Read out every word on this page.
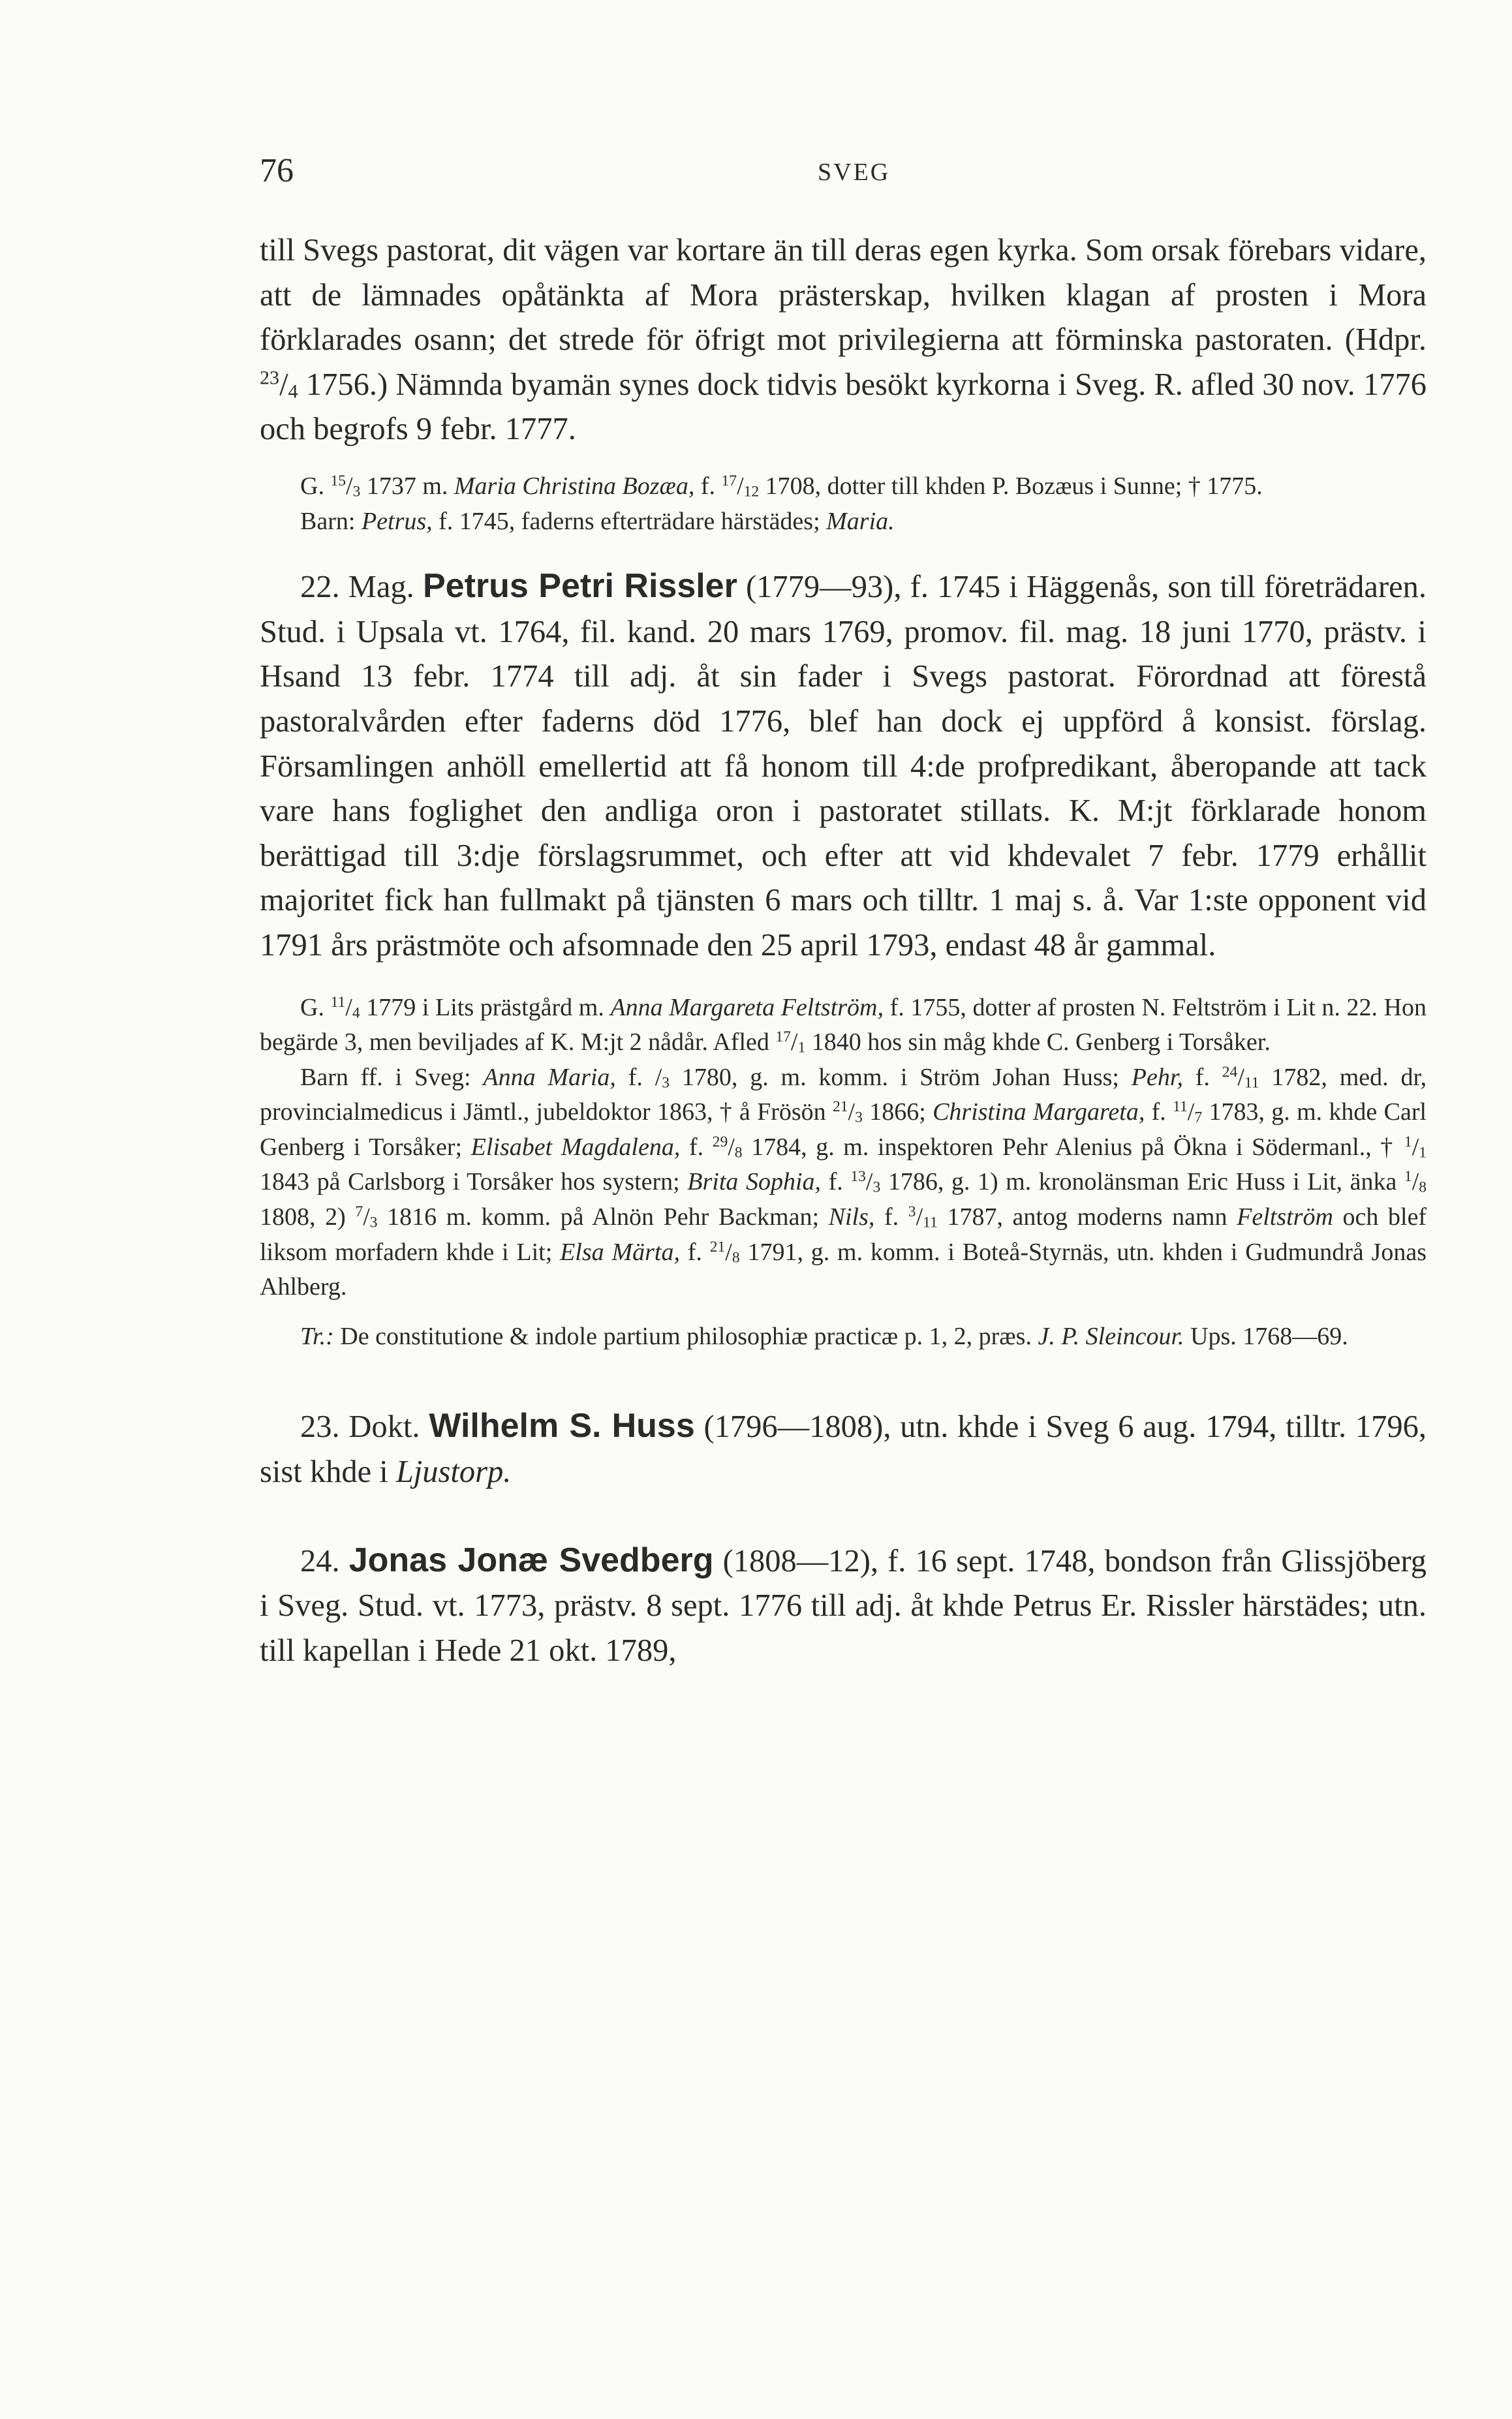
76	SVEG

till Svegs pastorat, dit vägen var kortare än till deras egen kyrka. Som orsak förebars vidare, att de lämnades opåtänkta af Mora prästerskap, hvilken klagan af prosten i Mora förklarades osann; det strede för öfrigt mot privilegierna att förminska pastoraten. (Hdpr. $^{23}$/4 1756.) Nämnda byamän synes dock tidvis besökt kyrkorna i Sveg. R. afled 30 nov. 1776 och begrofs 9 febr. 1777.

G. $^{15}$/3 1737 m. Maria Christina Bozæa, f. $^{17}$/12 1708, dotter till khden P. Bozæus i Sunne; † 1775.

Barn: Petrus, f. 1745, faderns efterträdare härstädes; Maria.

22. Mag. Petrus Petri Rissler (1779—93), f. 1745 i Häggenås, son till företrädaren. Stud. i Upsala vt. 1764, fil. kand. 20 mars 1769, promov. fil. mag. 18 juni 1770, prästv. i Hsand 13 febr. 1774 till adj. åt sin fader i Svegs pastorat. Förordnad att förestå pastoralvården efter faderns död 1776, blef han dock ej uppförd å konsist. förslag. Församlingen anhöll emellertid att få honom till 4:de profpredikant, åberopande att tack vare hans foglighet den andliga oron i pastoratet stillats. K. M:jt förklarade honom berättigad till 3:dje förslagsrummet, och efter att vid khdevalet 7 febr. 1779 erhållit majoritet fick han fullmakt på tjänsten 6 mars och tilltr. 1 maj s. å. Var 1:ste opponent vid 1791 års prästmöte och afsomnade den 25 april 1793, endast 48 år gammal.

G. $^{11}$/4 1779 i Lits prästgård m. Anna Margareta Feltström, f. 1755, dotter af prosten N. Feltström i Lit n. 22. Hon begärde 3, men beviljades af K. M:jt 2 nådår. Afled $^{17}$/1 1840 hos sin måg khde C. Genberg i Torsåker.

Barn ff. i Sveg: Anna Maria, f. /3 1780, g. m. komm. i Ström Johan Huss; Pehr, f. $^{24}$/11 1782, med. dr, provincialmedicus i Jämtl., jubeldoktor 1863, † å Frösön $^{21}$/3 1866; Christina Margareta, f. $^{11}$/7 1783, g. m. khde Carl Genberg i Torsåker; Elisabet Magdalena, f. $^{29}$/8 1784, g. m. inspektoren Pehr Alenius på Ökna i Södermanl., † $^1$/1 1843 på Carlsborg i Torsåker hos systern; Brita Sophia, f. $^{13}$/3 1786, g. 1) m. kronolänsman Eric Huss i Lit, änka $^1$/8 1808, 2) $^7$/3 1816 m. komm. på Alnön Pehr Backman; Nils, f. $^3$/11 1787, antog moderns namn Feltström och blef liksom morfadern khde i Lit; Elsa Märta, f. $^{21}$/8 1791, g. m. komm. i Boteå-Styrnäs, utn. khden i Gudmundrå Jonas Ahlberg.

Tr.: De constitutione & indole partium philosophiæ practicæ p. 1, 2, præs. J. P. Sleincour. Ups. 1768—69.

23. Dokt. Wilhelm S. Huss (1796—1808), utn. khde i Sveg 6 aug. 1794, tilltr. 1796, sist khde i Ljustorp.

24. Jonas Jonæ Svedberg (1808—12), f. 16 sept. 1748, bondson från Glissjöberg i Sveg. Stud. vt. 1773, prästv. 8 sept. 1776 till adj. åt khde Petrus Er. Rissler härstädes; utn. till kapellan i Hede 21 okt. 1789,
